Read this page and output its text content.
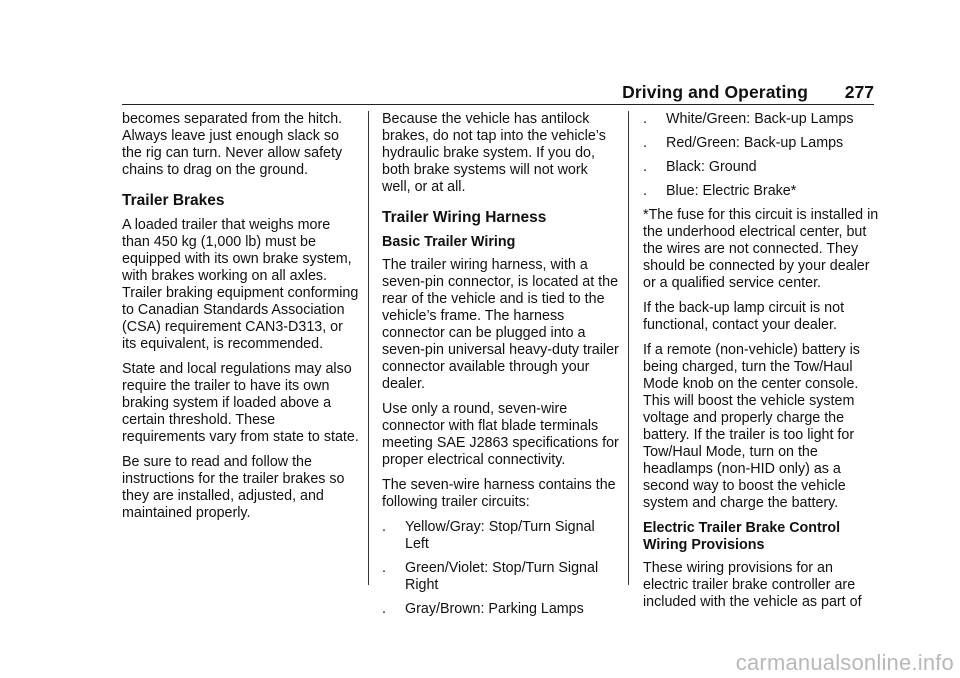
Driving and Operating 277

becomes separated from the hitch. Always leave just enough slack so the rig can turn. Never allow safety chains to drag on the ground.

Trailer Brakes

A loaded trailer that weighs more than 450 kg (1,000 lb) must be equipped with its own brake system, with brakes working on all axles. Trailer braking equipment conforming to Canadian Standards Association (CSA) requirement CAN3-D313, or its equivalent, is recommended.

State and local regulations may also require the trailer to have its own braking system if loaded above a certain threshold. These requirements vary from state to state.

Be sure to read and follow the instructions for the trailer brakes so they are installed, adjusted, and maintained properly.

Because the vehicle has antilock brakes, do not tap into the vehicle’s hydraulic brake system. If you do, both brake systems will not work well, or at all.

Trailer Wiring Harness
Basic Trailer Wiring

The trailer wiring harness, with a seven-pin connector, is located at the rear of the vehicle and is tied to the vehicle’s frame. The harness connector can be plugged into a seven-pin universal heavy-duty trailer connector available through your dealer.

Use only a round, seven-wire connector with flat blade terminals meeting SAE J2863 specifications for proper electrical connectivity.

The seven-wire harness contains the following trailer circuits:

. Yellow/Gray: Stop/Turn Signal Left
. Green/Violet: Stop/Turn Signal Right
. Gray/Brown: Parking Lamps
. White/Green: Back-up Lamps
. Red/Green: Back-up Lamps
. Black: Ground
. Blue: Electric Brake*

*The fuse for this circuit is installed in the underhood electrical center, but the wires are not connected. They should be connected by your dealer or a qualified service center.

If the back-up lamp circuit is not functional, contact your dealer.

If a remote (non-vehicle) battery is being charged, turn the Tow/Haul Mode knob on the center console. This will boost the vehicle system voltage and properly charge the battery. If the trailer is too light for Tow/Haul Mode, turn on the headlamps (non-HID only) as a second way to boost the vehicle system and charge the battery.

Electric Trailer Brake Control Wiring Provisions

These wiring provisions for an electric trailer brake controller are included with the vehicle as part of

carmanualsonline.info
